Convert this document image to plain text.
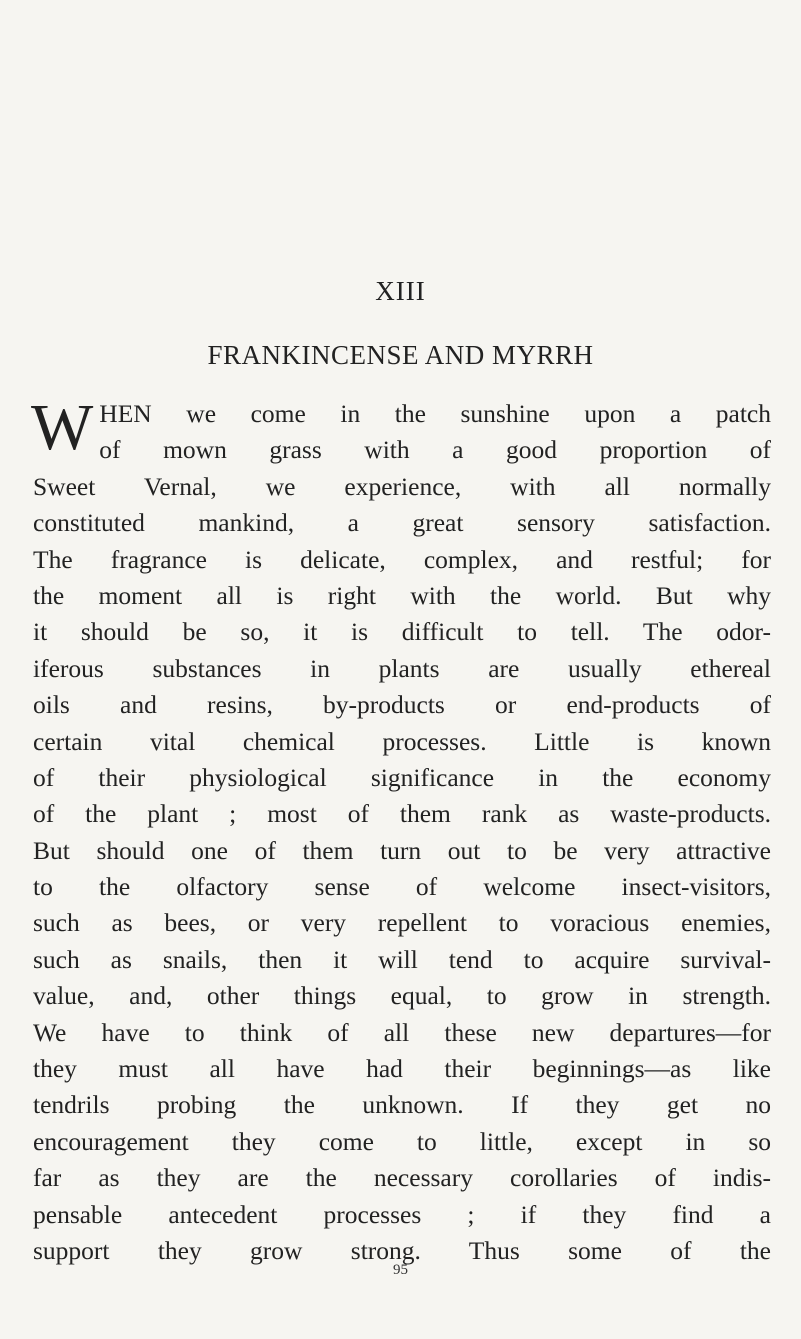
XIII
FRANKINCENSE AND MYRRH
W HEN we come in the sunshine upon a patch
of mown grass with a good proportion of
Sweet Vernal, we experience, with all normally
constituted mankind, a great sensory satisfaction.
The fragrance is delicate, complex, and restful; for
the moment all is right with the world. But why
it should be so, it is difficult to tell. The odor-
iferous substances in plants are usually ethereal
oils and resins, by-products or end-products of
certain vital chemical processes. Little is known
of their physiological significance in the economy
of the plant ; most of them rank as waste-products.
But should one of them turn out to be very attractive
to the olfactory sense of welcome insect-visitors,
such as bees, or very repellent to voracious enemies,
such as snails, then it will tend to acquire survival-
value, and, other things equal, to grow in strength.
We have to think of all these new departures—for
they must all have had their beginnings—as like
tendrils probing the unknown. If they get no
encouragement they come to little, except in so
far as they are the necessary corollaries of indis-
pensable antecedent processes ; if they find a
support they grow strong. Thus some of the
95
